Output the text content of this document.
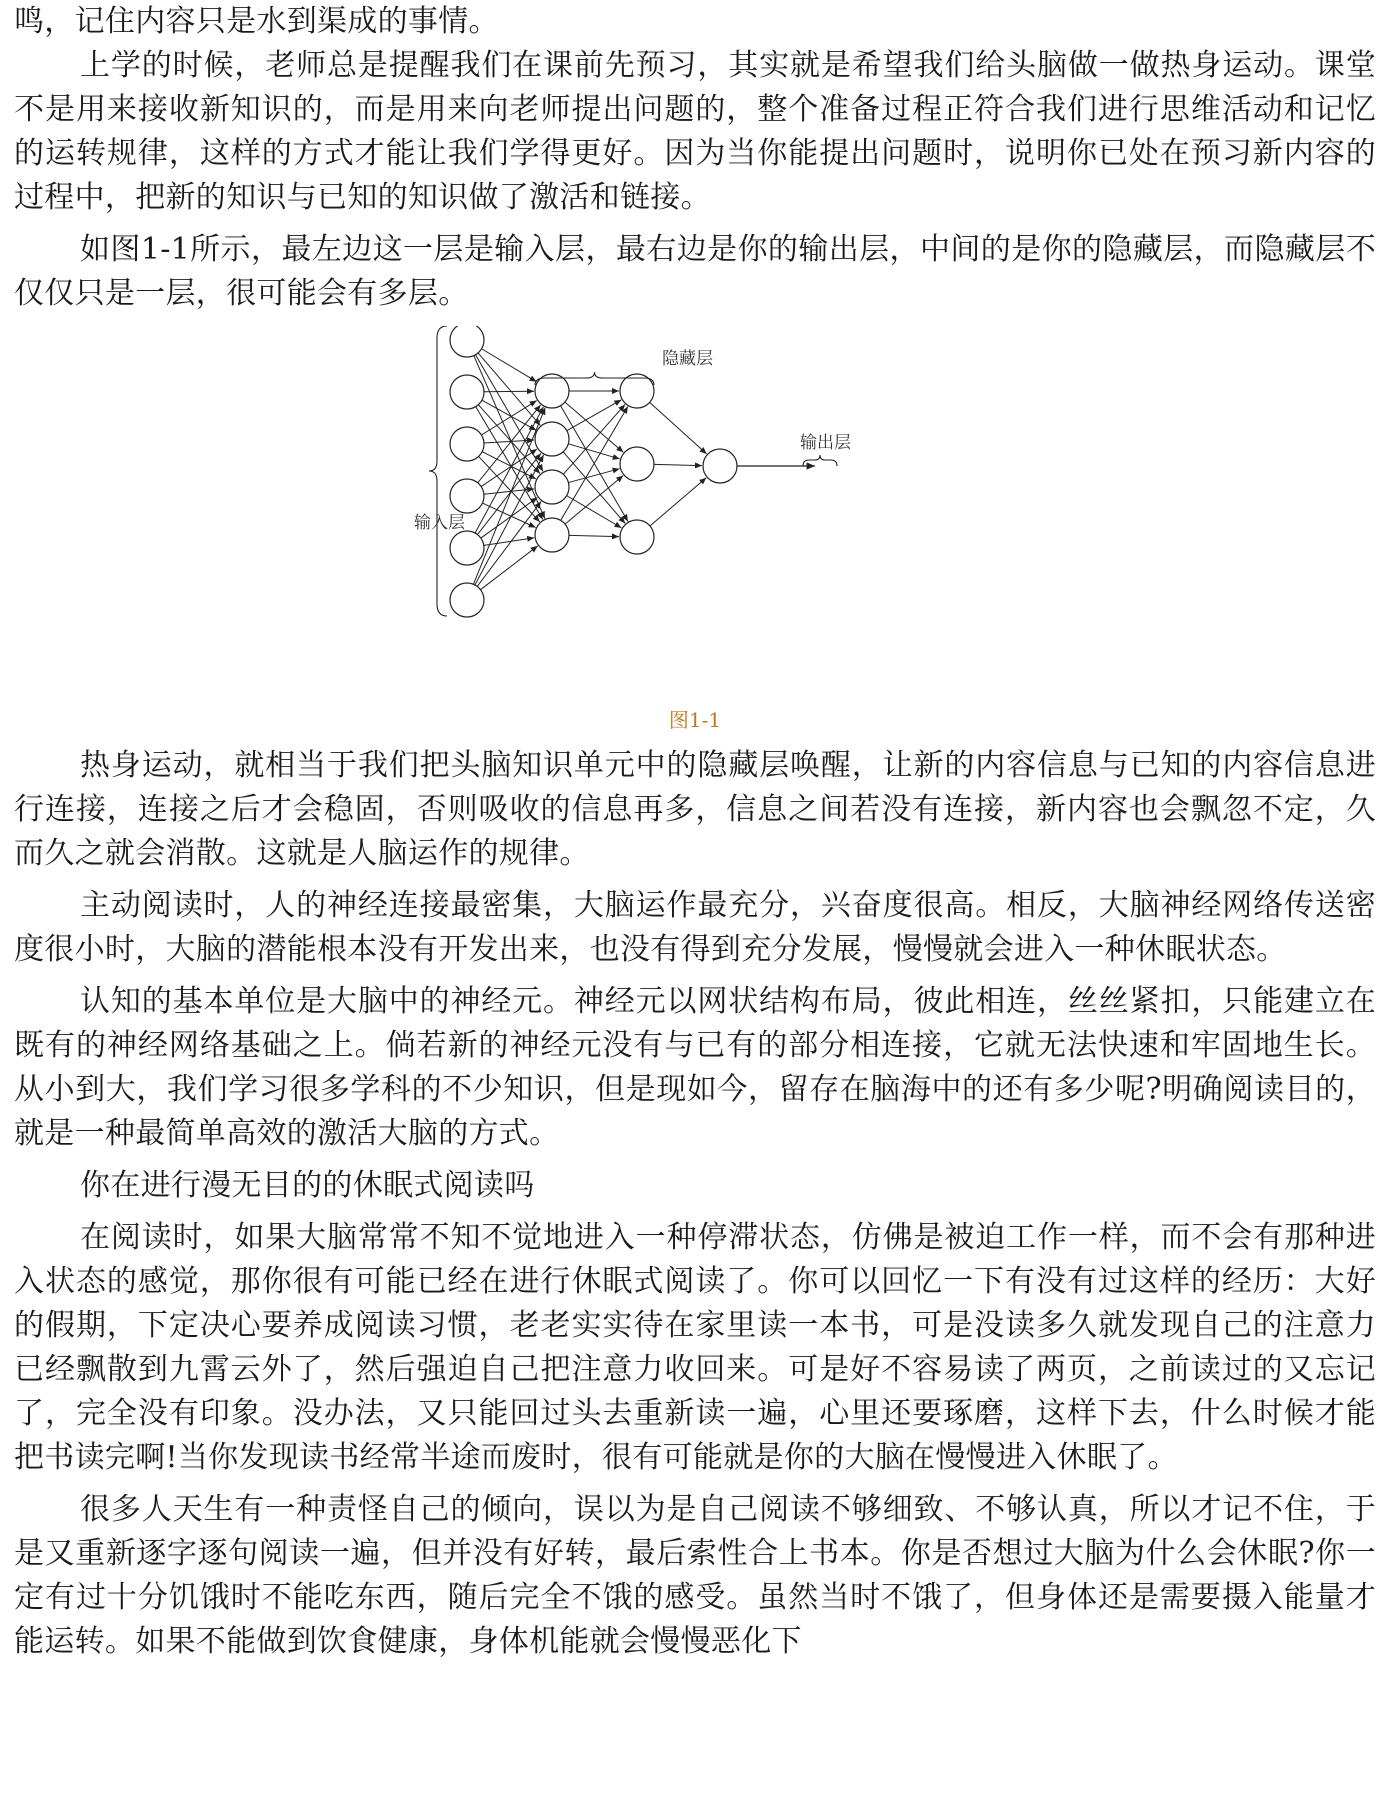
鸣，记住内容只是水到渠成的事情。

上学的时候，老师总是提醒我们在课前先预习，其实就是希望我们给头脑做一做热身运动。课堂不是用来接收新知识的，而是用来向老师提出问题的，整个准备过程正符合我们进行思维活动和记忆的运转规律，这样的方式才能让我们学得更好。因为当你能提出问题时，说明你已处在预习新内容的过程中，把新的知识与已知的知识做了激活和链接。

如图1-1所示，最左边这一层是输入层，最右边是你的输出层，中间的是你的隐藏层，而隐藏层不仅仅只是一层，很可能会有多层。

输入层
隐藏层
输出层
图1-1

热身运动，就相当于我们把头脑知识单元中的隐藏层唤醒，让新的内容信息与已知的内容信息进行连接，连接之后才会稳固，否则吸收的信息再多，信息之间若没有连接，新内容也会飘忽不定，久而久之就会消散。这就是人脑运作的规律。

主动阅读时，人的神经连接最密集，大脑运作最充分，兴奋度很高。相反，大脑神经网络传送密度很小时，大脑的潜能根本没有开发出来，也没有得到充分发展，慢慢就会进入一种休眠状态。

认知的基本单位是大脑中的神经元。神经元以网状结构布局，彼此相连，丝丝紧扣，只能建立在既有的神经网络基础之上。倘若新的神经元没有与已有的部分相连接，它就无法快速和牢固地生长。从小到大，我们学习很多学科的不少知识，但是现如今，留存在脑海中的还有多少呢?明确阅读目的，就是一种最简单高效的激活大脑的方式。

你在进行漫无目的的休眠式阅读吗

在阅读时，如果大脑常常不知不觉地进入一种停滞状态，仿佛是被迫工作一样，而不会有那种进入状态的感觉，那你很有可能已经在进行休眠式阅读了。你可以回忆一下有没有过这样的经历：大好的假期，下定决心要养成阅读习惯，老老实实待在家里读一本书，可是没读多久就发现自己的注意力已经飘散到九霄云外了，然后强迫自己把注意力收回来。可是好不容易读了两页，之前读过的又忘记了，完全没有印象。没办法，又只能回过头去重新读一遍，心里还要琢磨，这样下去，什么时候才能把书读完啊!当你发现读书经常半途而废时，很有可能就是你的大脑在慢慢进入休眠了。

很多人天生有一种责怪自己的倾向，误以为是自己阅读不够细致、不够认真，所以才记不住，于是又重新逐字逐句阅读一遍，但并没有好转，最后索性合上书本。你是否想过大脑为什么会休眠?你一定有过十分饥饿时不能吃东西，随后完全不饿的感受。虽然当时不饿了，但身体还是需要摄入能量才能运转。如果不能做到饮食健康，身体机能就会慢慢恶化下
